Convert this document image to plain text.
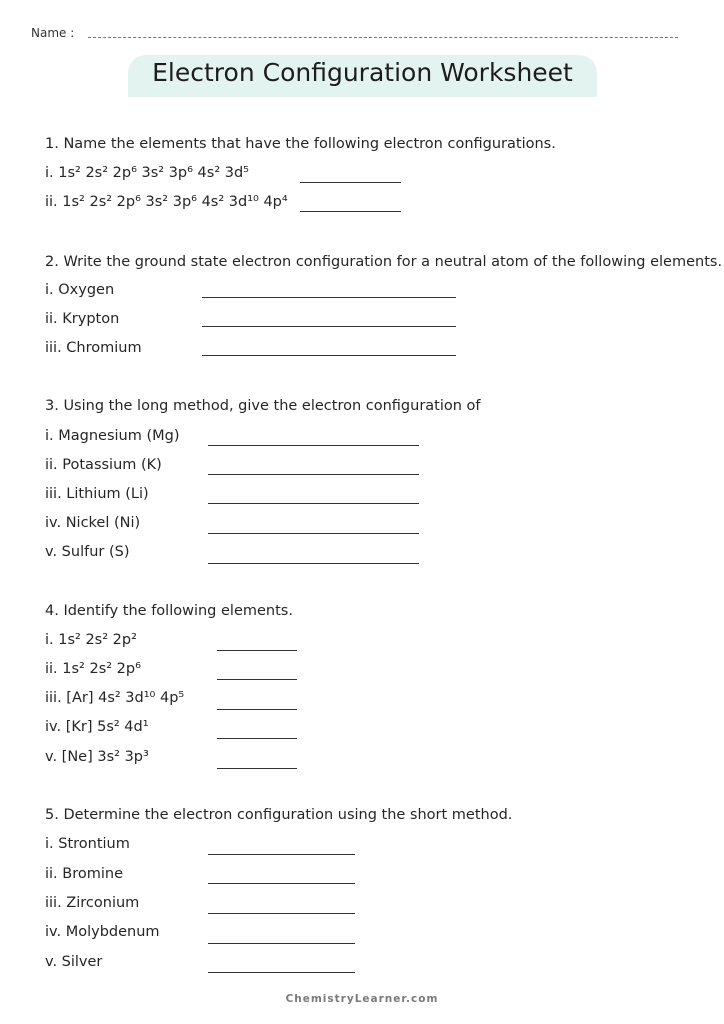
Name :
Electron Configuration Worksheet
1. Name the elements that have the following electron configurations.
i. 1s² 2s² 2p⁶ 3s² 3p⁶ 4s² 3d⁵
ii. 1s² 2s² 2p⁶ 3s² 3p⁶ 4s² 3d¹⁰ 4p⁴
2. Write the ground state electron configuration for a neutral atom of the following elements.
i. Oxygen
ii. Krypton
iii. Chromium
3. Using the long method, give the electron configuration of
i. Magnesium (Mg)
ii. Potassium (K)
iii. Lithium (Li)
iv. Nickel (Ni)
v. Sulfur (S)
4. Identify the following elements.
i. 1s² 2s² 2p²
ii. 1s² 2s² 2p⁶
iii. [Ar] 4s² 3d¹⁰ 4p⁵
iv. [Kr] 5s² 4d¹
v. [Ne] 3s² 3p³
5. Determine the electron configuration using the short method.
i. Strontium
ii. Bromine
iii. Zirconium
iv. Molybdenum
v. Silver
ChemistryLearner.com
